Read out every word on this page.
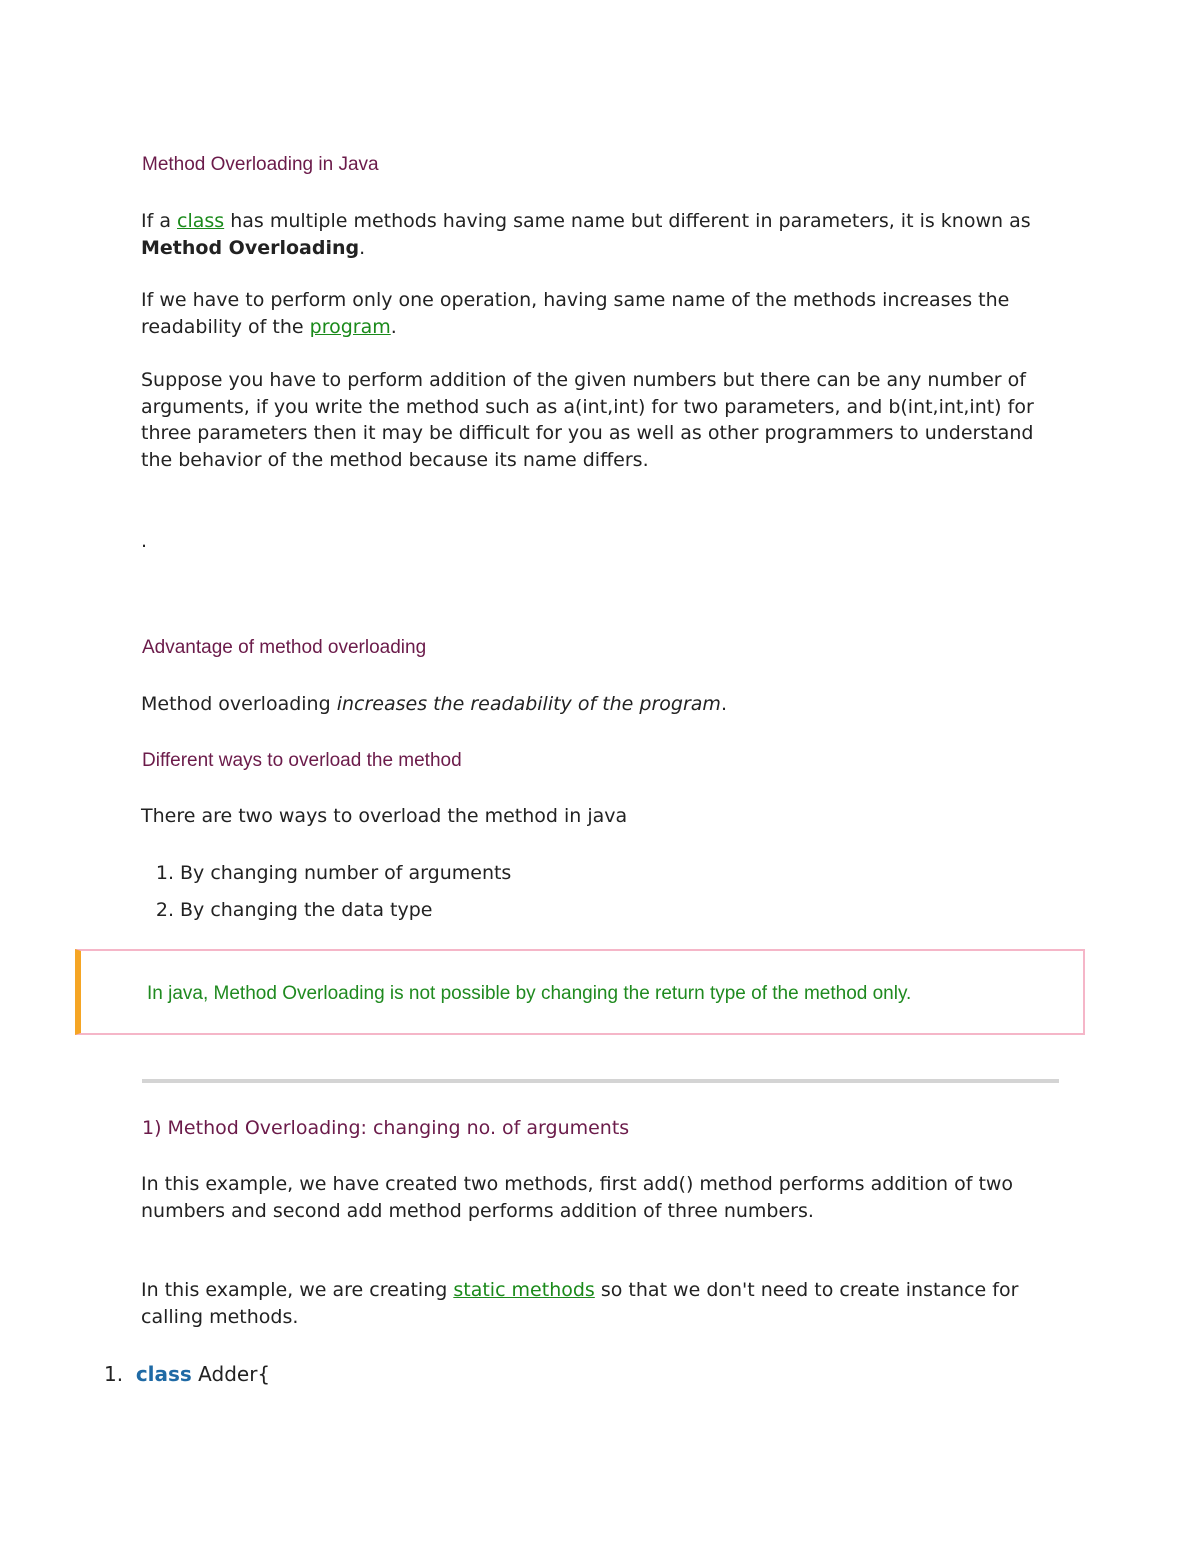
Method Overloading in Java

If a class has multiple methods having same name but different in parameters, it is known as Method Overloading.

If we have to perform only one operation, having same name of the methods increases the readability of the program.

Suppose you have to perform addition of the given numbers but there can be any number of arguments, if you write the method such as a(int,int) for two parameters, and b(int,int,int) for three parameters then it may be difficult for you as well as other programmers to understand the behavior of the method because its name differs.

.

Advantage of method overloading

Method overloading increases the readability of the program.

Different ways to overload the method

There are two ways to overload the method in java

1. By changing number of arguments
2. By changing the data type

In java, Method Overloading is not possible by changing the return type of the method only.

1) Method Overloading: changing no. of arguments

In this example, we have created two methods, first add() method performs addition of two numbers and second add method performs addition of three numbers.

In this example, we are creating static methods so that we don't need to create instance for calling methods.

1. class Adder{
